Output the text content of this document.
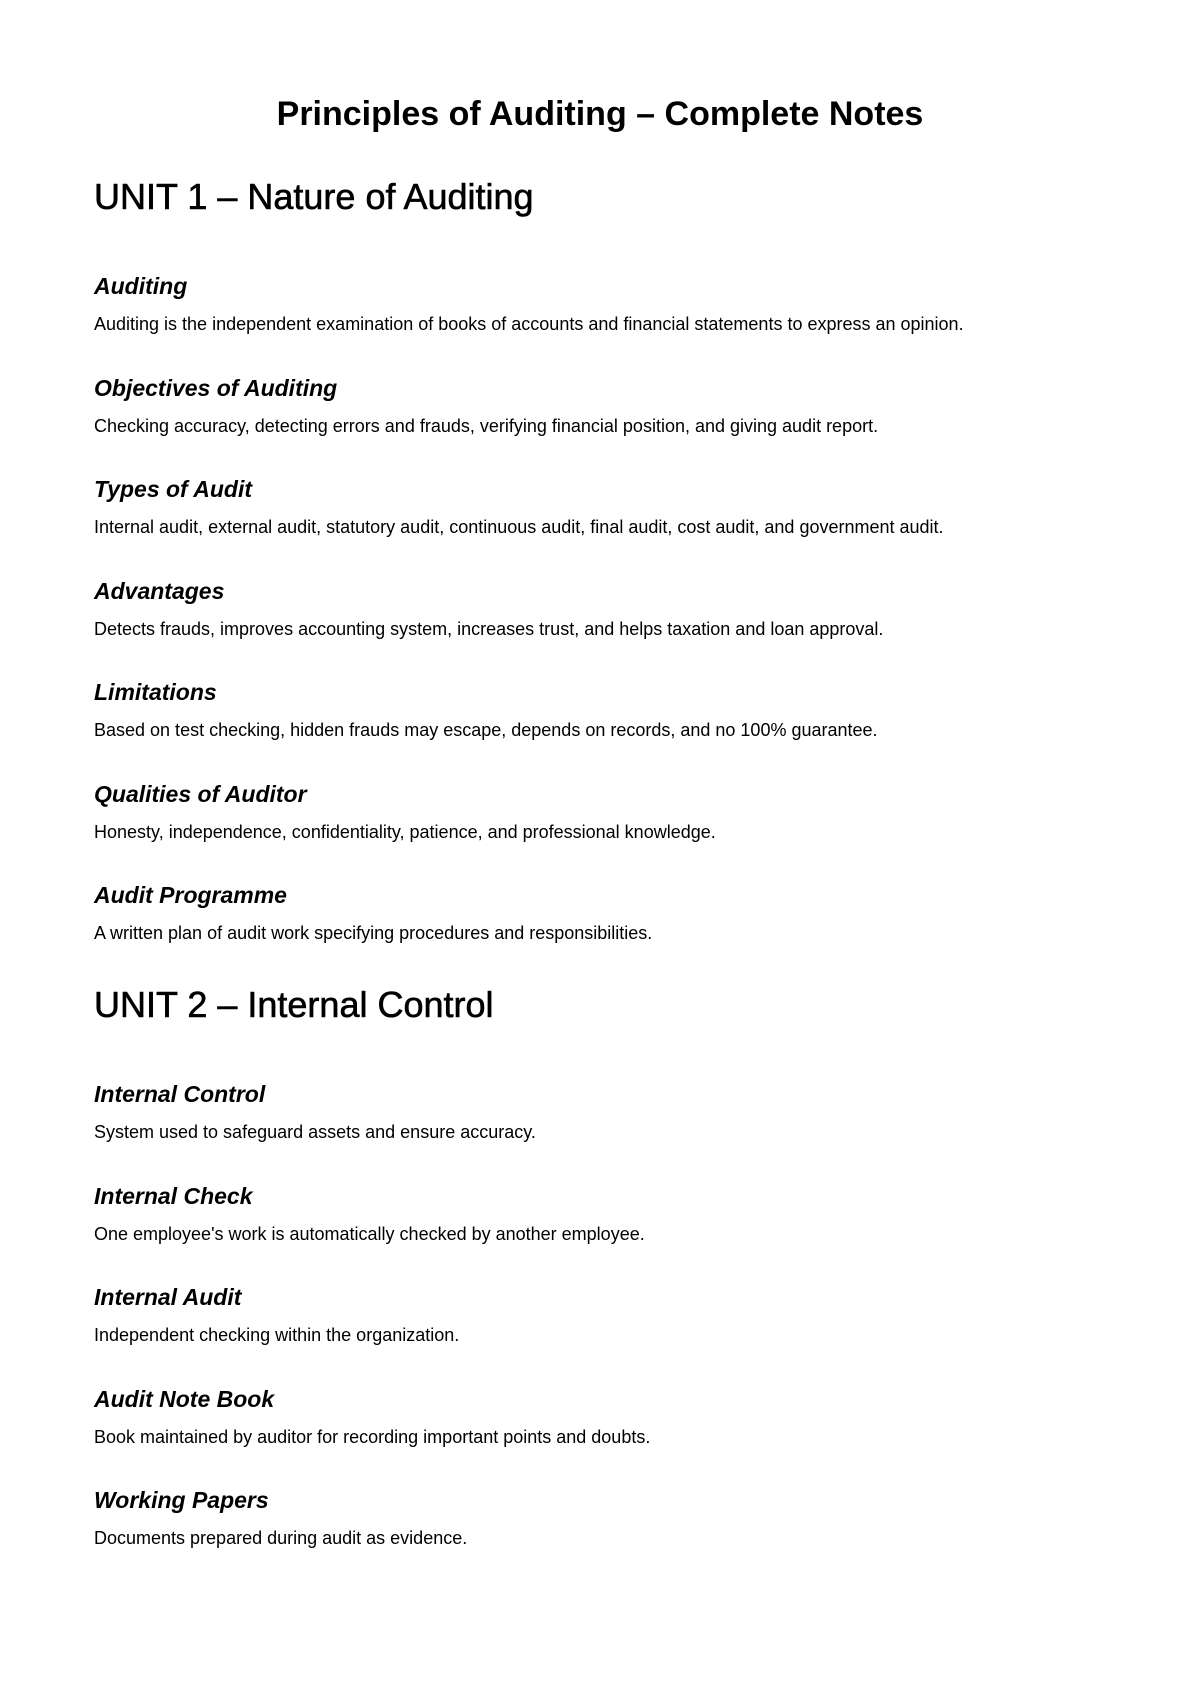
Principles of Auditing – Complete Notes
UNIT 1 – Nature of Auditing
Auditing

Auditing is the independent examination of books of accounts and financial statements to express an opinion.

Objectives of Auditing

Checking accuracy, detecting errors and frauds, verifying financial position, and giving audit report.

Types of Audit

Internal audit, external audit, statutory audit, continuous audit, final audit, cost audit, and government audit.

Advantages

Detects frauds, improves accounting system, increases trust, and helps taxation and loan approval.

Limitations

Based on test checking, hidden frauds may escape, depends on records, and no 100% guarantee.

Qualities of Auditor

Honesty, independence, confidentiality, patience, and professional knowledge.

Audit Programme

A written plan of audit work specifying procedures and responsibilities.

UNIT 2 – Internal Control
Internal Control

System used to safeguard assets and ensure accuracy.

Internal Check

One employee's work is automatically checked by another employee.

Internal Audit

Independent checking within the organization.

Audit Note Book

Book maintained by auditor for recording important points and doubts.

Working Papers

Documents prepared during audit as evidence.
